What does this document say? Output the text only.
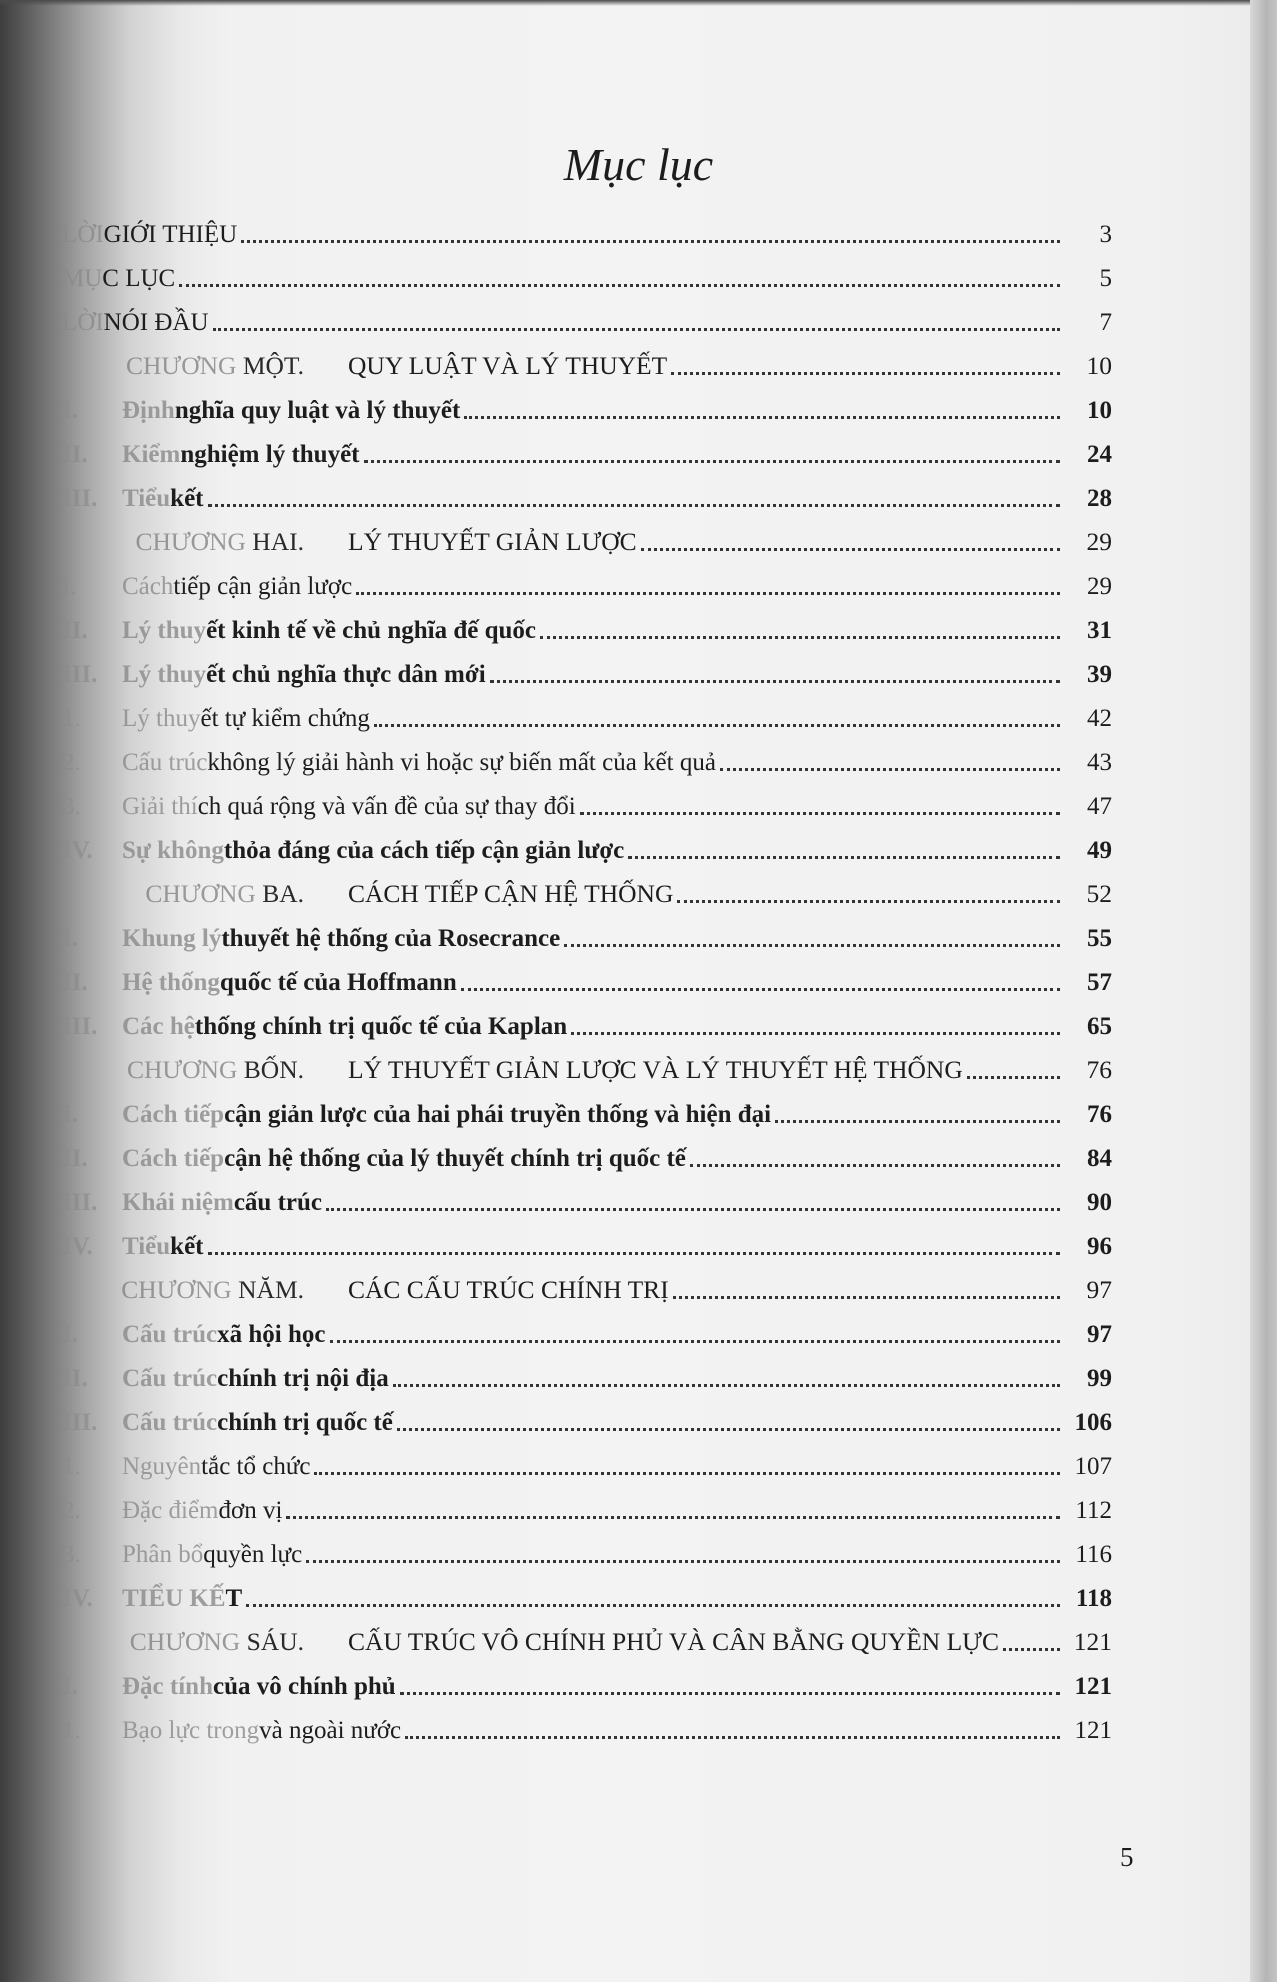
Mục lục
LỜI GIỚI THIỆU	3
MỤ C LỤC	5
LỜI NÓI ĐẦU	7
CHƯƠNG MỘT. QUY LUẬT VÀ LÝ THUYẾT	10
I.	Định nghĩa quy luật và lý thuyết	10
II.	Kiểm nghiệm lý thuyết	24
III. Tiểu kết	28
CHƯƠNG HAI. LÝ THUYẾT GIẢN LƯỢC	29
I.	Cách tiếp cận giản lược	29
II.	Lý thuy ết kinh tế về chủ nghĩa đế quốc	31
III. Lý thuy ết chủ nghĩa thực dân mới	39
1.	Lý thuy ết tự kiểm chứng	42
2.	Cấu trúc không lý giải hành vi hoặc sự biến mất của kết quả	43
3.	Giải thí ch quá rộng và vấn đề của sự thay đổi	47
IV.	Sự không thỏa đáng của cách tiếp cận giản lược	49
CHƯƠNG BA. CÁCH TIẾP CẬN HỆ THỐNG	52
I.	Khung lý thuyết hệ thống của Rosecrance	55
II.	Hệ thống quốc tế của Hoffmann	57
III. Các hệ thống chính trị quốc tế của Kaplan	65
CHƯƠNG BỐN. LÝ THUYẾT GIẢN LƯỢC VÀ LÝ THUYẾT HỆ THỐNG	76
I.	Cách tiếp cận giản lược của hai phái truyền thống và hiện đại	76
II.	Cách tiếp cận hệ thống của lý thuyết chính trị quốc tế	84
III. Khái niệm cấu trúc	90
IV.	Tiểu kết	96
CHƯƠNG NĂM. CÁC CẤU TRÚC CHÍNH TRỊ	97
I.	Cấu trúc xã hội học	97
II.	Cấu trúc chính trị nội địa	99
III. Cấu trúc chính trị quốc tế	106
1.	Nguyên tắc tổ chức	107
2.	Đặc điểm đơn vị	112
3.	Phân bổ quyền lực	116
IV.	TIỂU KẾ T	118
CHƯƠNG SÁU. CẤU TRÚC VÔ CHÍNH PHỦ VÀ CÂN BẰNG QUYỀN LỰC	121
I.	Đặc tính của vô chính phủ	121
1.	Bạo lực trong và ngoài nước	121
5
